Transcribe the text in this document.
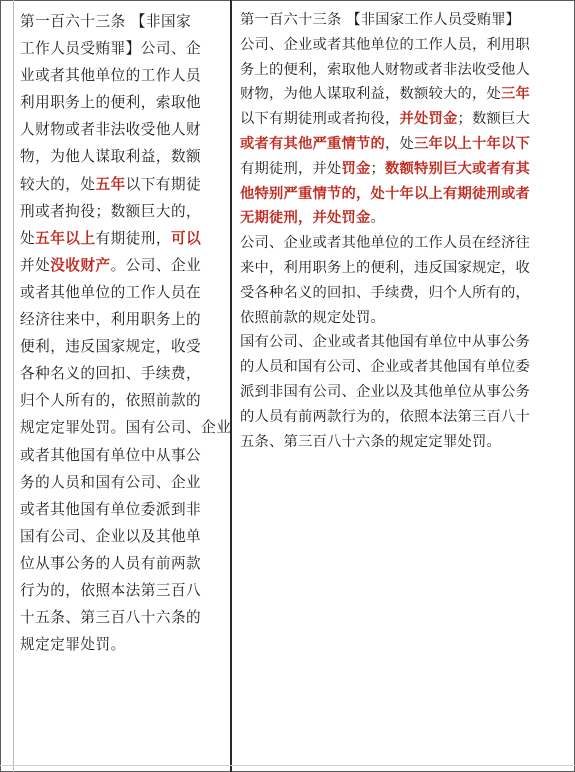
第一百六十三条 【非国家
工作人员受贿罪】公司、企
业或者其他单位的工作人员
利用职务上的便利，索取他
人财物或者非法收受他人财
物，为他人谋取利益，数额
较大的，处五年以下有期徒
刑或者拘役；数额巨大的，
处五年以上有期徒刑，可以
并处没收财产。公司、企业
或者其他单位的工作人员在
经济往来中，利用职务上的
便利，违反国家规定，收受
各种名义的回扣、手续费，
归个人所有的，依照前款的
规定定罪处罚。国有公司、企业
或者其他国有单位中从事公
务的人员和国有公司、企业
或者其他国有单位委派到非
国有公司、企业以及其他单
位从事公务的人员有前两款
行为的，依照本法第三百八
十五条、第三百八十六条的
规定定罪处罚。
第一百六十三条 【非国家工作人员受贿罪】
公司、企业或者其他单位的工作人员，利用职
务上的便利，索取他人财物或者非法收受他人
财物，为他人谋取利益，数额较大的，处三年
以下有期徒刑或者拘役，并处罚金；数额巨大
或者有其他严重情节的，处三年以上十年以下
有期徒刑，并处罚金；数额特别巨大或者有其
他特别严重情节的，处十年以上有期徒刑或者
无期徒刑，并处罚金。
公司、企业或者其他单位的工作人员在经济往
来中，利用职务上的便利，违反国家规定，收
受各种名义的回扣、手续费，归个人所有的，
依照前款的规定处罚。
国有公司、企业或者其他国有单位中从事公务
的人员和国有公司、企业或者其他国有单位委
派到非国有公司、企业以及其他单位从事公务
的人员有前两款行为的，依照本法第三百八十
五条、第三百八十六条的规定定罪处罚。
